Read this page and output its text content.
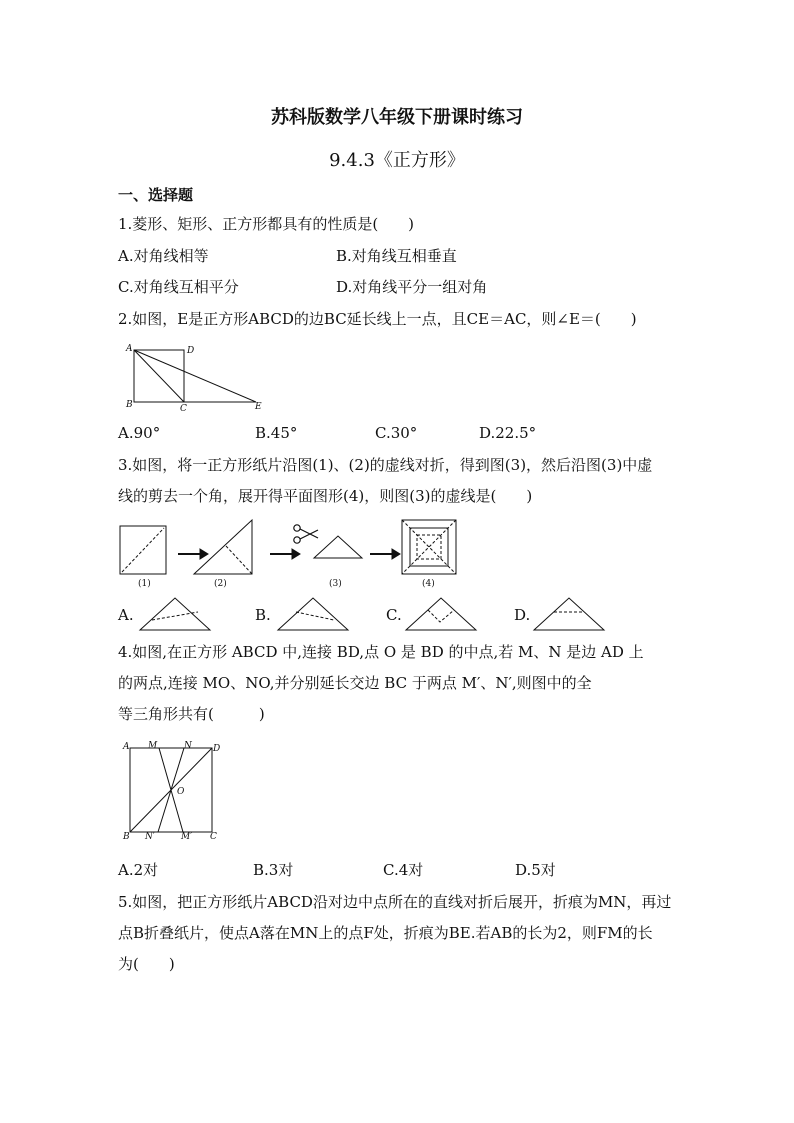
苏科版数学八年级下册课时练习
9.4.3《正方形》
一、选择题
1.菱形、矩形、正方形都具有的性质是(　　)
A.对角线相等	B.对角线互相垂直
C.对角线互相平分	D.对角线平分一组对角
2.如图，E是正方形ABCD的边BC延长线上一点，且CE＝AC，则∠E＝(　　)
A	D
B	C	E
A.90°	B.45°	C.30°	D.22.5°
3.如图，将一正方形纸片沿图(1)、(2)的虚线对折，得到图(3)，然后沿图(3)中虚
线的剪去一个角，展开得平面图形(4)，则图(3)的虚线是(　　)
(1)	(2)	(3)	(4)
A.	B.	C.	D.
4.如图,在正方形 ABCD 中,连接 BD,点 O 是 BD 的中点,若 M、N 是边 AD 上
的两点,连接 MO、NO,并分别延长交边 BC 于两点 M′、N′,则图中的全
等三角形共有(　　　)
A M	N D
O
B N′	M′ C
A.2对	B.3对	C.4对	D.5对
5.如图，把正方形纸片ABCD沿对边中点所在的直线对折后展开，折痕为MN，再过
点B折叠纸片，使点A落在MN上的点F处，折痕为BE.若AB的长为2，则FM的长
为(　　)
